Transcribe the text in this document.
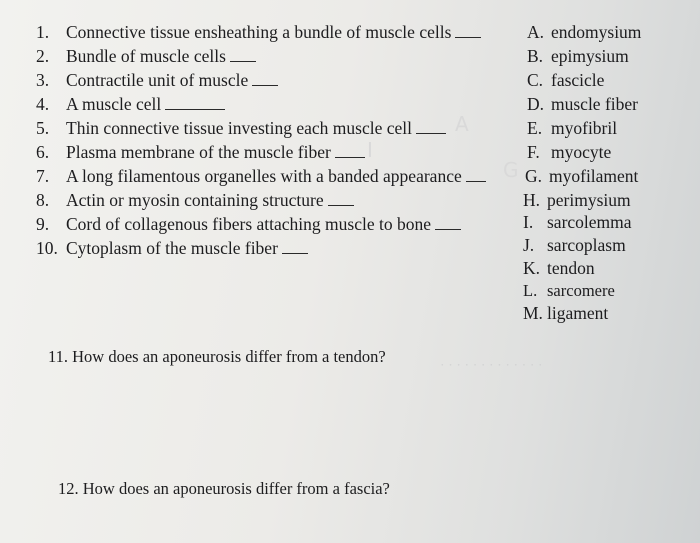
· · · · · · · · · · · · ·
1. Connective tissue ensheathing a bundle of muscle cells
2. Bundle of muscle cells
3. Contractile unit of muscle
4. A muscle cell
5. Thin connective tissue investing each muscle cell	A
6. Plasma membrane of the muscle fiber	I
7. A long filamentous organelles with a banded appearance	G
8. Actin or myosin containing structure
9. Cord of collagenous fibers attaching muscle to bone
10. Cytoplasm of the muscle fiber
A. endomysium
B. epimysium
C. fascicle
D. muscle fiber
E. myofibril
F. myocyte
G. myofilament
H. perimysium
I. sarcolemma
J. sarcoplasm
K. tendon
L. sarcomere
M. ligament
11. How does an aponeurosis differ from a tendon?
12. How does an aponeurosis differ from a fascia?
